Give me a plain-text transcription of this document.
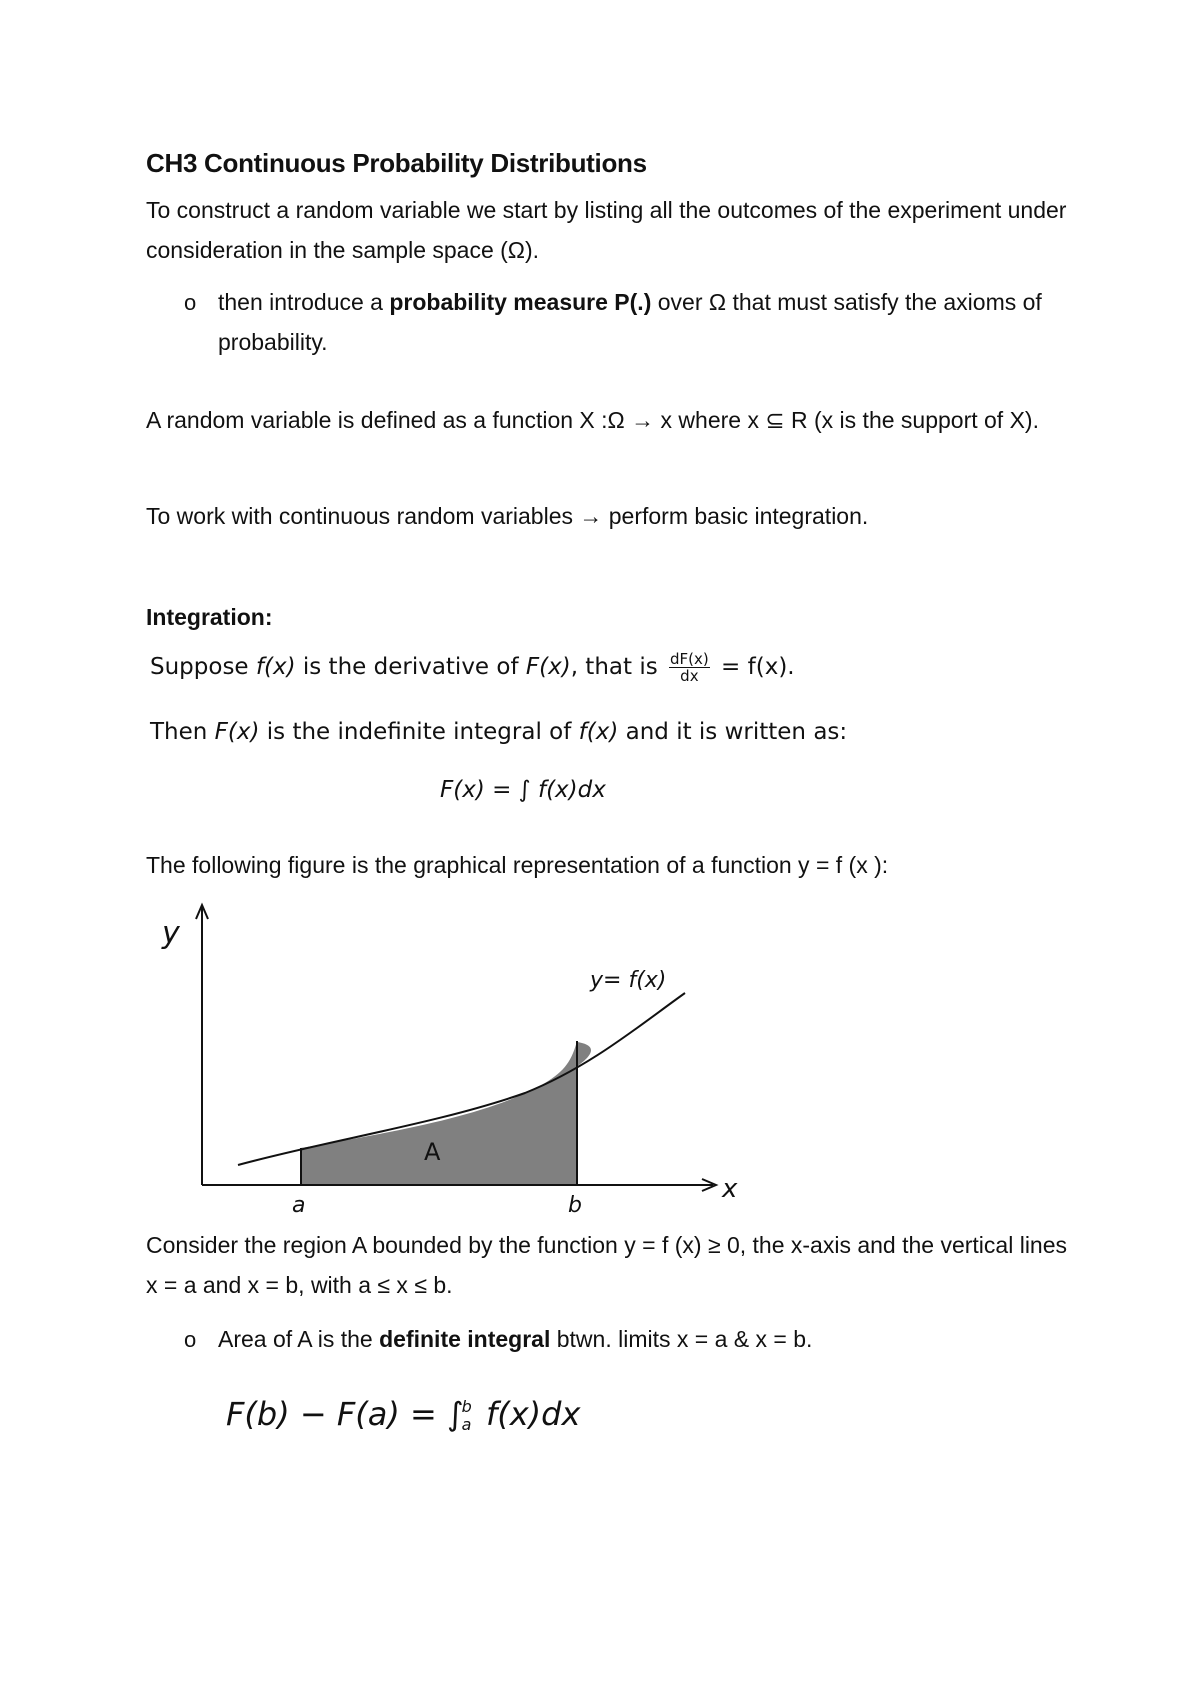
CH3 Continuous Probability Distributions
To construct a random variable we start by listing all the outcomes of the experiment under consideration in the sample space (Ω).
o then introduce a probability measure P(.) over Ω that must satisfy the axioms of probability.
A random variable is defined as a function X :Ω → x where x ⊆ R (x is the support of X).
To work with continuous random variables → perform basic integration.
Integration:
Suppose f(x) is the derivative of F(x), that is $\frac{dF(x)}{dx} = f(x)$.
Then F(x) is the indefinite integral of f(x) and it is written as:
F(x) = ∫ f(x)dx
The following figure is the graphical representation of a function y = f (x ):
y
x
y= f(x)
A
a	b
Consider the region A bounded by the function y = f (x) ≥ 0, the x-axis and the vertical lines x = a and x = b, with a ≤ x ≤ b.
o Area of A is the definite integral btwn. limits x = a & x = b.
F(b) − F(a) = ∫
b
a f(x)dx
